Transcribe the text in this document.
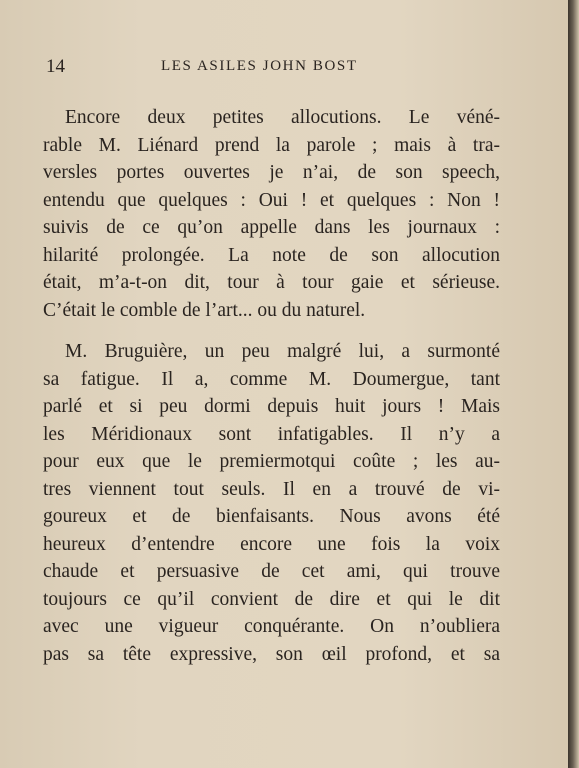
14	LES ASILES JOHN BOST
Encore deux petites allocutions. Le véné-
rable M. Liénard prend la parole ; mais à tra-
versles portes ouvertes je n’ai, de son speech,
entendu que quelques : Oui ! et quelques : Non !
suivis de ce qu’on appelle dans les journaux :
hilarité prolongée. La note de son allocution
était, m’a-t-on dit, tour à tour gaie et sérieuse.
C’était le comble de l’art... ou du naturel.
M. Bruguière, un peu malgré lui, a surmonté
sa fatigue. Il a, comme M. Doumergue, tant
parlé et si peu dormi depuis huit jours ! Mais
les Méridionaux sont infatigables. Il n’y a
pour eux que le premiermotqui coûte ; les au-
tres viennent tout seuls. Il en a trouvé de vi-
goureux et de bienfaisants. Nous avons été
heureux d’entendre encore une fois la voix
chaude et persuasive de cet ami, qui trouve
toujours ce qu’il convient de dire et qui le dit
avec une vigueur conquérante. On n’oubliera
pas sa tête expressive, son œil profond, et sa
